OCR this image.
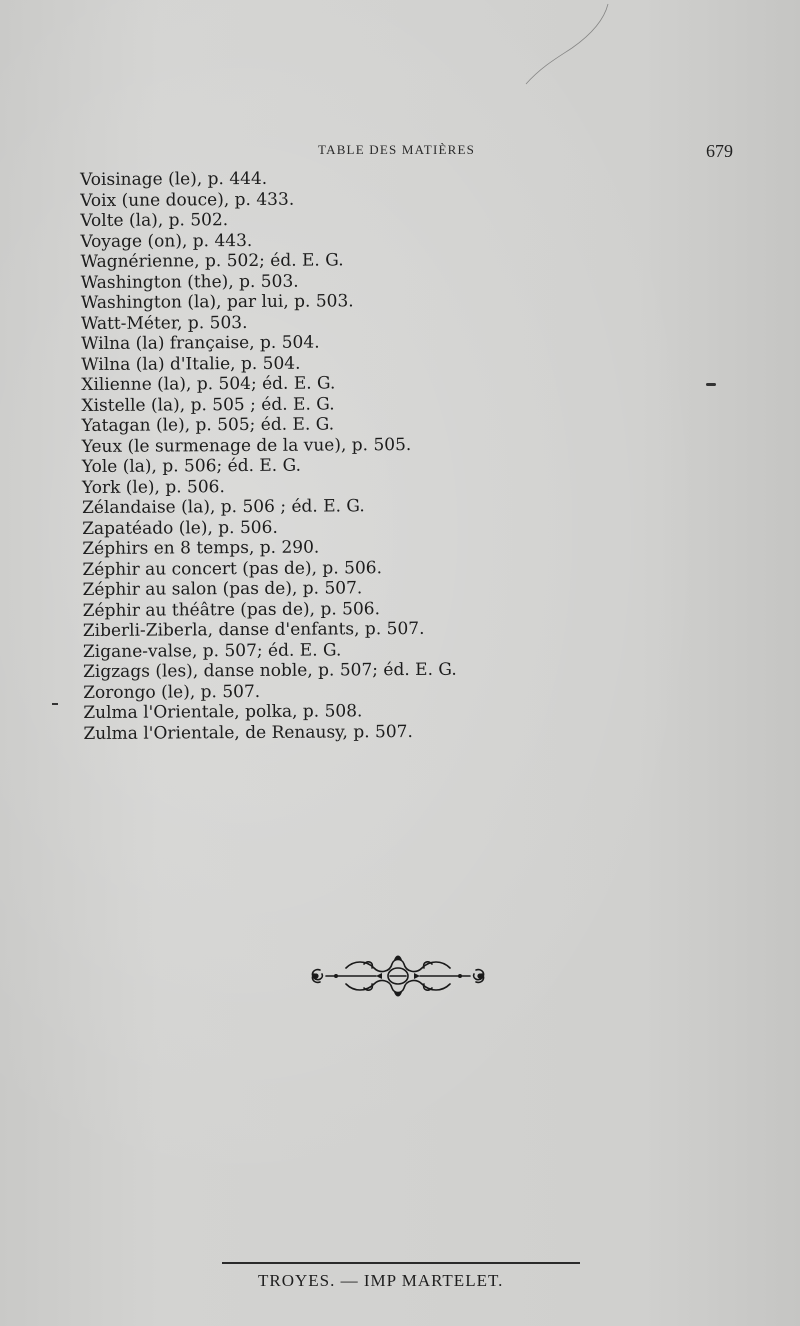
TABLE DES MATIÈRES	679
Voisinage (le), p. 444.
Voix (une douce), p. 433.
Volte (la), p. 502.
Voyage (on), p. 443.
Wagnérienne, p. 502; éd. E. G.
Washington (the), p. 503.
Washington (la), par lui, p. 503.
Watt-Méter, p. 503.
Wilna (la) française, p. 504.
Wilna (la) d'Italie, p. 504.
Xilienne (la), p. 504; éd. E. G.
Xistelle (la), p. 505 ; éd. E. G.
Yatagan (le), p. 505; éd. E. G.
Yeux (le surmenage de la vue), p. 505.
Yole (la), p. 506; éd. E. G.
York (le), p. 506.
Zélandaise (la), p. 506 ; éd. E. G.
Zapatéado (le), p. 506.
Zéphirs en 8 temps, p. 290.
Zéphir au concert (pas de), p. 506.
Zéphir au salon (pas de), p. 507.
Zéphir au théâtre (pas de), p. 506.
Ziberli-Ziberla, danse d'enfants, p. 507.
Zigane-valse, p. 507; éd. E. G.
Zigzags (les), danse noble, p. 507; éd. E. G.
Zorongo (le), p. 507.
Zulma l'Orientale, polka, p. 508.
Zulma l'Orientale, de Renausy, p. 507.
TROYES. — IMP MARTELET.
